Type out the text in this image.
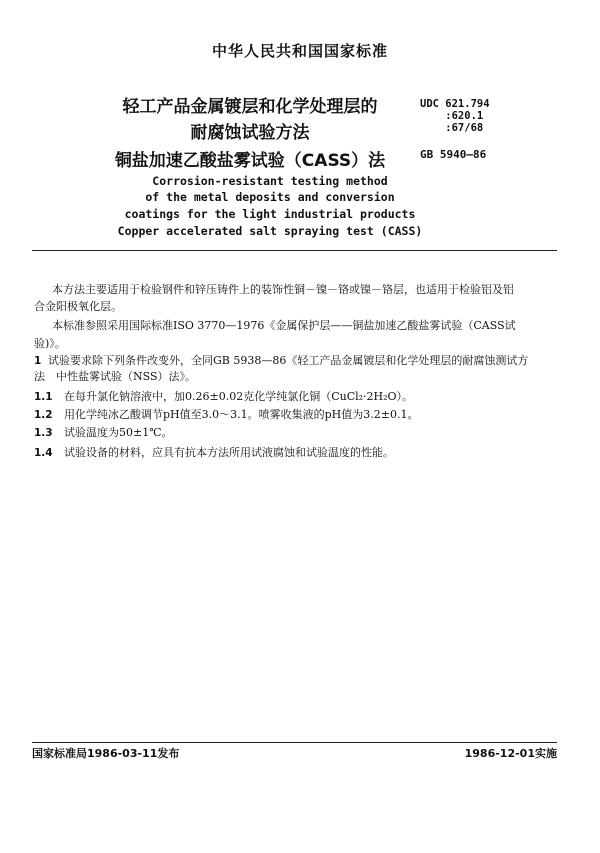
中华人民共和国国家标准
轻工产品金属镀层和化学处理层的
耐腐蚀试验方法
铜盐加速乙酸盐雾试验（CASS）法
UDC 621.794
:620.1
:67/68
GB 5940—86
Corrosion-resistant testing method
of the metal deposits and conversion
coatings for the light industrial products
Copper accelerated salt spraying test (CASS)
本方法主要适用于检验钢件和锌压铸件上的装饰性铜－镍－铬或镍－铬层，也适用于检验铝及铝
合金阳极氧化层。
本标准参照采用国际标准ISO 3770—1976《金属保护层——铜盐加速乙酸盐雾试验（CASS试
验)》。
1 试验要求除下列条件改变外，全同GB 5938—86《轻工产品金属镀层和化学处理层的耐腐蚀测试方
法　中性盐雾试验（NSS）法》。
1.1 在每升氯化钠溶液中，加0.26±0.02克化学纯氯化铜（CuCl₂·2H₂O）。
1.2 用化学纯冰乙酸调节pH值至3.0～3.1。喷雾收集液的pH值为3.2±0.1。
1.3 试验温度为50±1℃。
1.4 试验设备的材料，应具有抗本方法所用试液腐蚀和试验温度的性能。
国家标准局1986-03-11发布	1986-12-01实施
